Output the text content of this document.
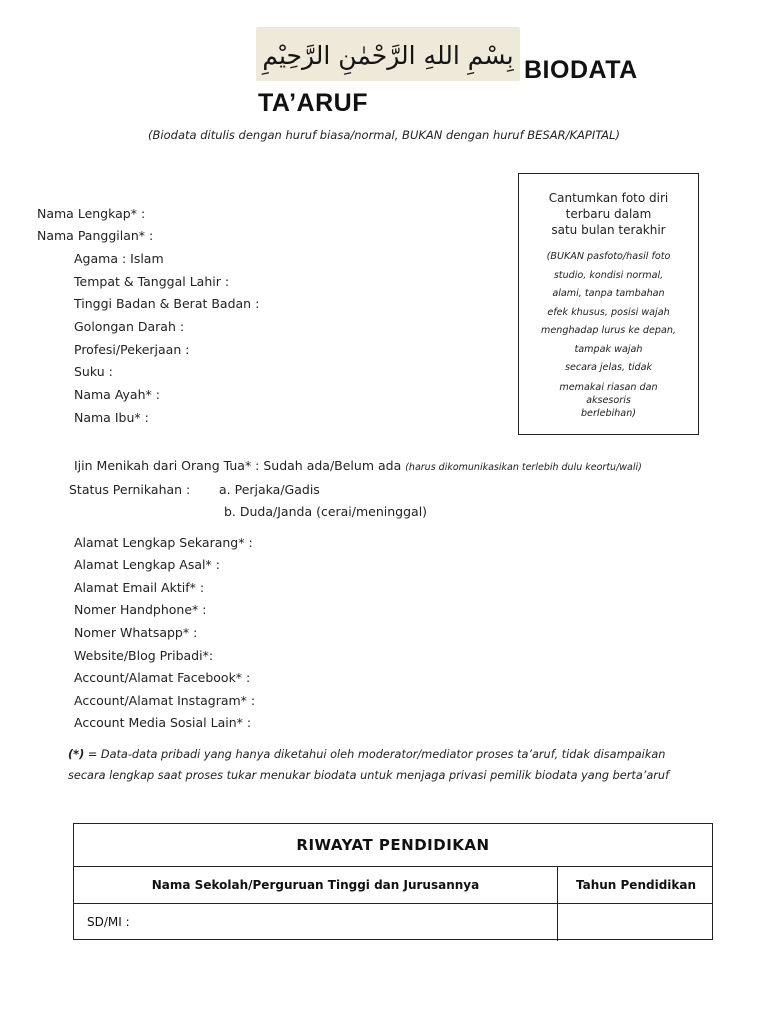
بِسْمِ اللهِ الرَّحْمٰنِ الرَّحِيْمِ BIODATA
TA’ARUF
(Biodata ditulis dengan huruf biasa/normal, BUKAN dengan huruf BESAR/KAPITAL)
Cantumkan foto diri
terbaru dalam
satu bulan terakhir
(BUKAN pasfoto/hasil foto
studio, kondisi normal,
alami, tanpa tambahan
efek khusus, posisi wajah
menghadap lurus ke depan,
tampak wajah
secara jelas, tidak
memakai riasan dan
aksesoris
berlebihan)
Nama Lengkap* :
Nama Panggilan* :
Agama : Islam
Tempat & Tanggal Lahir :
Tinggi Badan & Berat Badan :
Golongan Darah :
Profesi/Pekerjaan :
Suku :
Nama Ayah* :
Nama Ibu* :
Ijin Menikah dari Orang Tua* : Sudah ada/Belum ada (harus dikomunikasikan terlebih dulu keortu/wali)
Status Pernikahan : a. Perjaka/Gadis
b. Duda/Janda (cerai/meninggal)
Alamat Lengkap Sekarang* :
Alamat Lengkap Asal* :
Alamat Email Aktif* :
Nomer Handphone* :
Nomer Whatsapp* :
Website/Blog Pribadi*:
Account/Alamat Facebook* :
Account/Alamat Instagram* :
Account Media Sosial Lain* :
(*) = Data-data pribadi yang hanya diketahui oleh moderator/mediator proses ta’aruf, tidak disampaikan
secara lengkap saat proses tukar menukar biodata untuk menjaga privasi pemilik biodata yang berta’aruf
RIWAYAT PENDIDIKAN
Nama Sekolah/Perguruan Tinggi dan Jurusannya	Tahun Pendidikan
SD/MI :
